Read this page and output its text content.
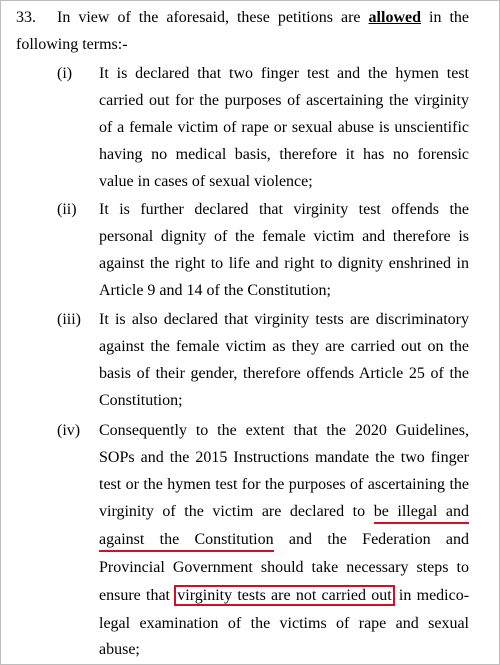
33. In view of the aforesaid, these petitions are allowed in the
following terms:-
(i) It is declared that two finger test and the hymen test
carried out for the purposes of ascertaining the virginity
of a female victim of rape or sexual abuse is unscientific
having no medical basis, therefore it has no forensic
value in cases of sexual violence;
(ii) It is further declared that virginity test offends the
personal dignity of the female victim and therefore is
against the right to life and right to dignity enshrined in
Article 9 and 14 of the Constitution;
(iii) It is also declared that virginity tests are discriminatory
against the female victim as they are carried out on the
basis of their gender, therefore offends Article 25 of the
Constitution;
(iv) Consequently to the extent that the 2020 Guidelines,
SOPs and the 2015 Instructions mandate the two finger
test or the hymen test for the purposes of ascertaining the
virginity of the victim are declared to be illegal and
against the Constitution and the Federation and
Provincial Government should take necessary steps to
ensure that virginity tests are not carried out in medico-
legal examination of the victims of rape and sexual
abuse;
